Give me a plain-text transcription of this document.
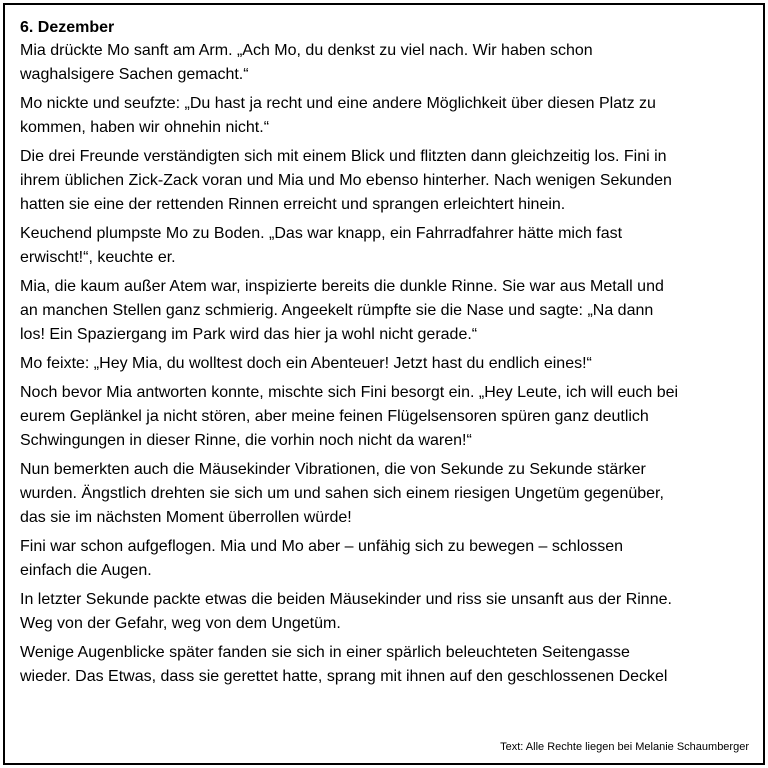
6. Dezember

Mia drückte Mo sanft am Arm. „Ach Mo, du denkst zu viel nach. Wir haben schon
waghalsigere Sachen gemacht.“

Mo nickte und seufzte: „Du hast ja recht und eine andere Möglichkeit über diesen Platz zu
kommen, haben wir ohnehin nicht.“

Die drei Freunde verständigten sich mit einem Blick und flitzten dann gleichzeitig los. Fini in
ihrem üblichen Zick-Zack voran und Mia und Mo ebenso hinterher. Nach wenigen Sekunden
hatten sie eine der rettenden Rinnen erreicht und sprangen erleichtert hinein.

Keuchend plumpste Mo zu Boden. „Das war knapp, ein Fahrradfahrer hätte mich fast
erwischt!“, keuchte er.

Mia, die kaum außer Atem war, inspizierte bereits die dunkle Rinne. Sie war aus Metall und
an manchen Stellen ganz schmierig. Angeekelt rümpfte sie die Nase und sagte: „Na dann
los! Ein Spaziergang im Park wird das hier ja wohl nicht gerade.“

Mo feixte: „Hey Mia, du wolltest doch ein Abenteuer! Jetzt hast du endlich eines!“

Noch bevor Mia antworten konnte, mischte sich Fini besorgt ein. „Hey Leute, ich will euch bei
eurem Geplänkel ja nicht stören, aber meine feinen Flügelsensoren spüren ganz deutlich
Schwingungen in dieser Rinne, die vorhin noch nicht da waren!“

Nun bemerkten auch die Mäusekinder Vibrationen, die von Sekunde zu Sekunde stärker
wurden. Ängstlich drehten sie sich um und sahen sich einem riesigen Ungetüm gegenüber,
das sie im nächsten Moment überrollen würde!

Fini war schon aufgeflogen. Mia und Mo aber – unfähig sich zu bewegen – schlossen
einfach die Augen.

In letzter Sekunde packte etwas die beiden Mäusekinder und riss sie unsanft aus der Rinne.
Weg von der Gefahr, weg von dem Ungetüm.

Wenige Augenblicke später fanden sie sich in einer spärlich beleuchteten Seitengasse
wieder. Das Etwas, dass sie gerettet hatte, sprang mit ihnen auf den geschlossenen Deckel

Text: Alle Rechte liegen bei Melanie Schaumberger
